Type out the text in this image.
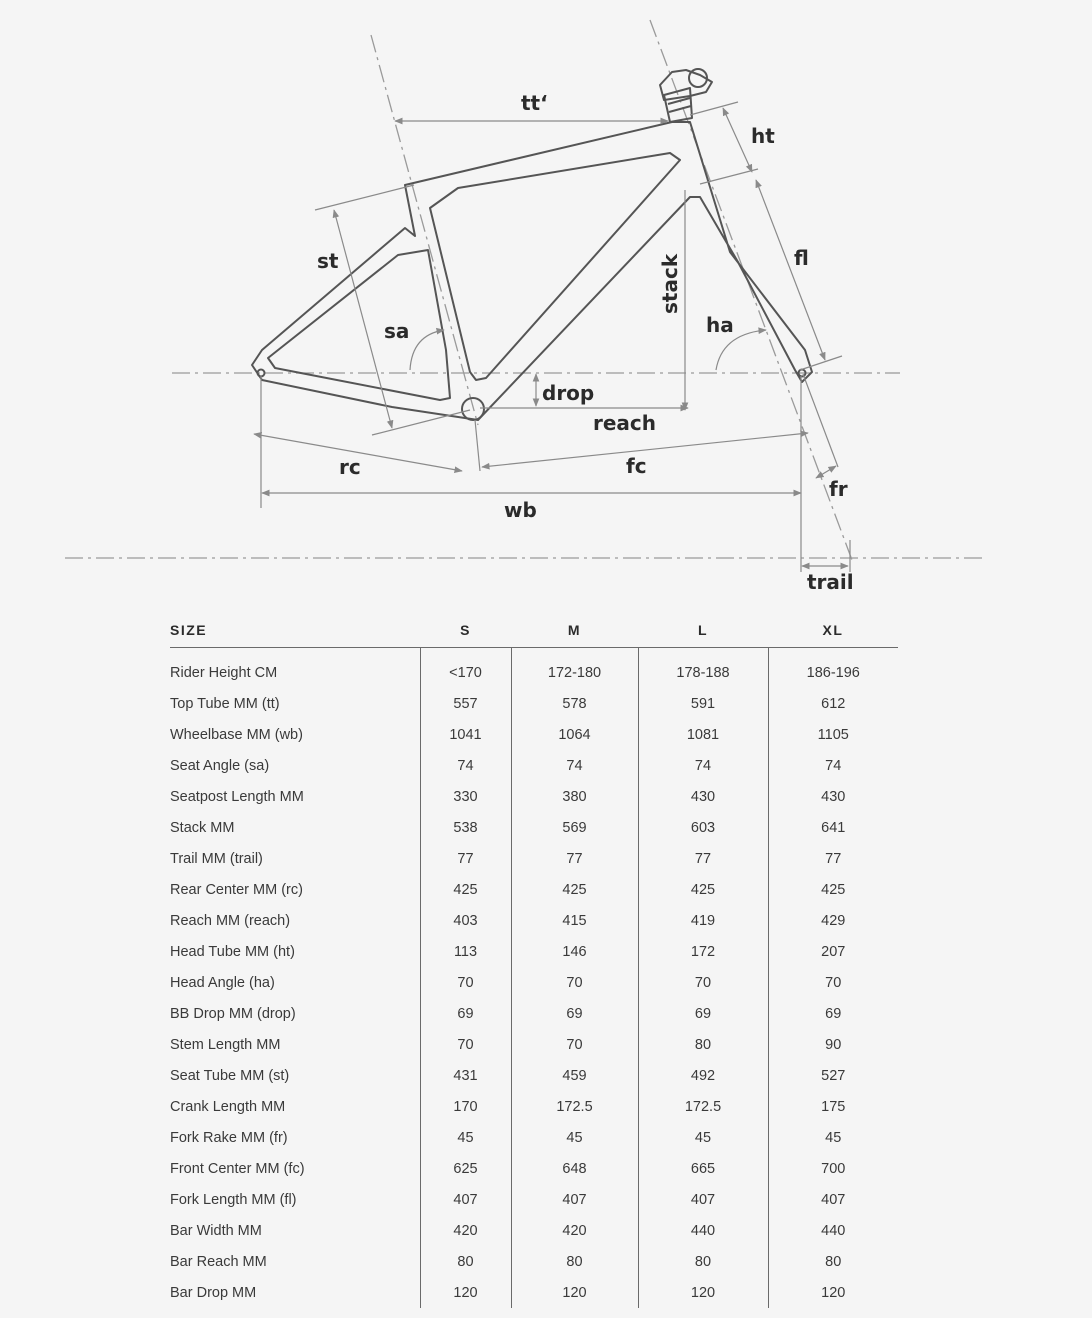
tt‘
ht
st	fl
stack
sa	ha
drop
reach
rc	fc
fr
wb
trail
SIZE	S	M	L	XL
Rider Height CM	<170	172-180	178-188	186-196
Top Tube MM (tt)	557	578	591	612
Wheelbase MM (wb)	1041	1064	1081	1105
Seat Angle (sa)	74	74	74	74
Seatpost Length MM	330	380	430	430
Stack MM	538	569	603	641
Trail MM (trail)	77	77	77	77
Rear Center MM (rc)	425	425	425	425
Reach MM (reach)	403	415	419	429
Head Tube MM (ht)	113	146	172	207
Head Angle (ha)	70	70	70	70
BB Drop MM (drop)	69	69	69	69
Stem Length MM	70	70	80	90
Seat Tube MM (st)	431	459	492	527
Crank Length MM	170	172.5	172.5	175
Fork Rake MM (fr)	45	45	45	45
Front Center MM (fc)	625	648	665	700
Fork Length MM (fl)	407	407	407	407
Bar Width MM	420	420	440	440
Bar Reach MM	80	80	80	80
Bar Drop MM	120	120	120	120
